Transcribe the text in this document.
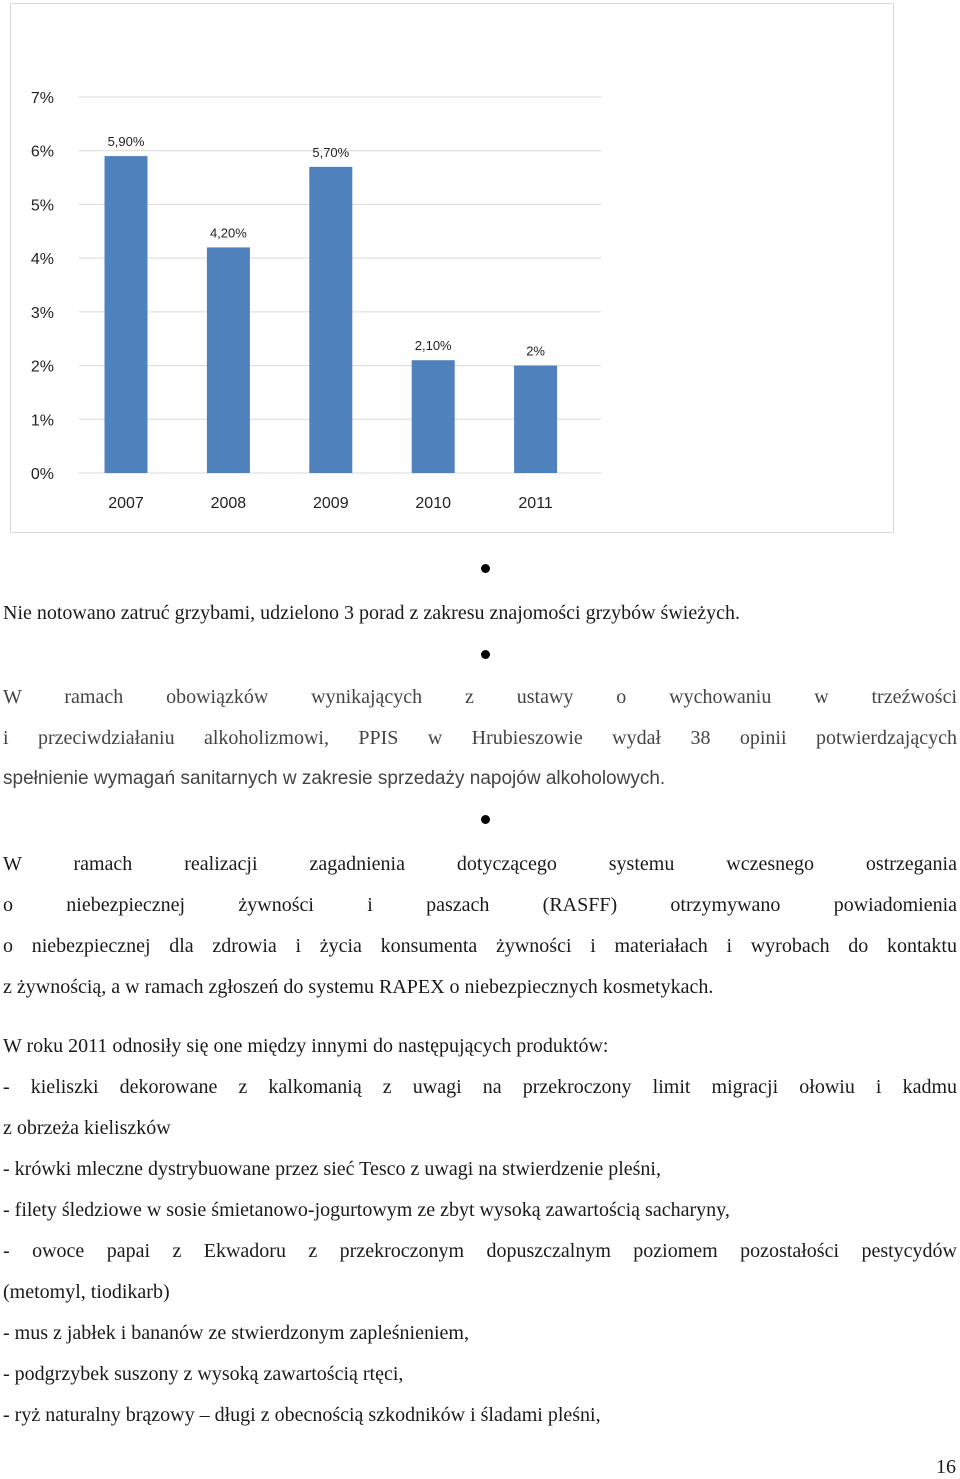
0%
1%
2%
3%
4%
5%
6%
7%
5,90%
2007
4,20%
2008
5,70%
2009
2,10%
2010
2%
2011
Nie notowano zatruć grzybami, udzielono 3 porad z zakresu znajomości grzybów świeżych.
W ramach obowiązków wynikających z ustawy o wychowaniu w trzeźwości
i przeciwdziałaniu alkoholizmowi, PPIS w Hrubieszowie wydał 38 opinii potwierdzających
spełnienie wymagań sanitarnych w zakresie sprzedaży napojów alkoholowych.
W ramach realizacji zagadnienia dotyczącego systemu wczesnego ostrzegania
o niebezpiecznej żywności i paszach (RASFF) otrzymywano powiadomienia
o niebezpiecznej dla zdrowia i życia konsumenta żywności i materiałach i wyrobach do kontaktu
z żywnością, a w ramach zgłoszeń do systemu RAPEX o niebezpiecznych kosmetykach.
W roku 2011 odnosiły się one między innymi do następujących produktów:
- kieliszki dekorowane z kalkomanią z uwagi na przekroczony limit migracji ołowiu i kadmu
z obrzeża kieliszków
- krówki mleczne dystrybuowane przez sieć Tesco z uwagi na stwierdzenie pleśni,
- filety śledziowe w sosie śmietanowo-jogurtowym ze zbyt wysoką zawartością sacharyny,
- owoce papai z Ekwadoru z przekroczonym dopuszczalnym poziomem pozostałości pestycydów
(metomyl, tiodikarb)
- mus z jabłek i bananów ze stwierdzonym zapleśnieniem,
- podgrzybek suszony z wysoką zawartością rtęci,
- ryż naturalny brązowy – długi z obecnością szkodników i śladami pleśni,
16
